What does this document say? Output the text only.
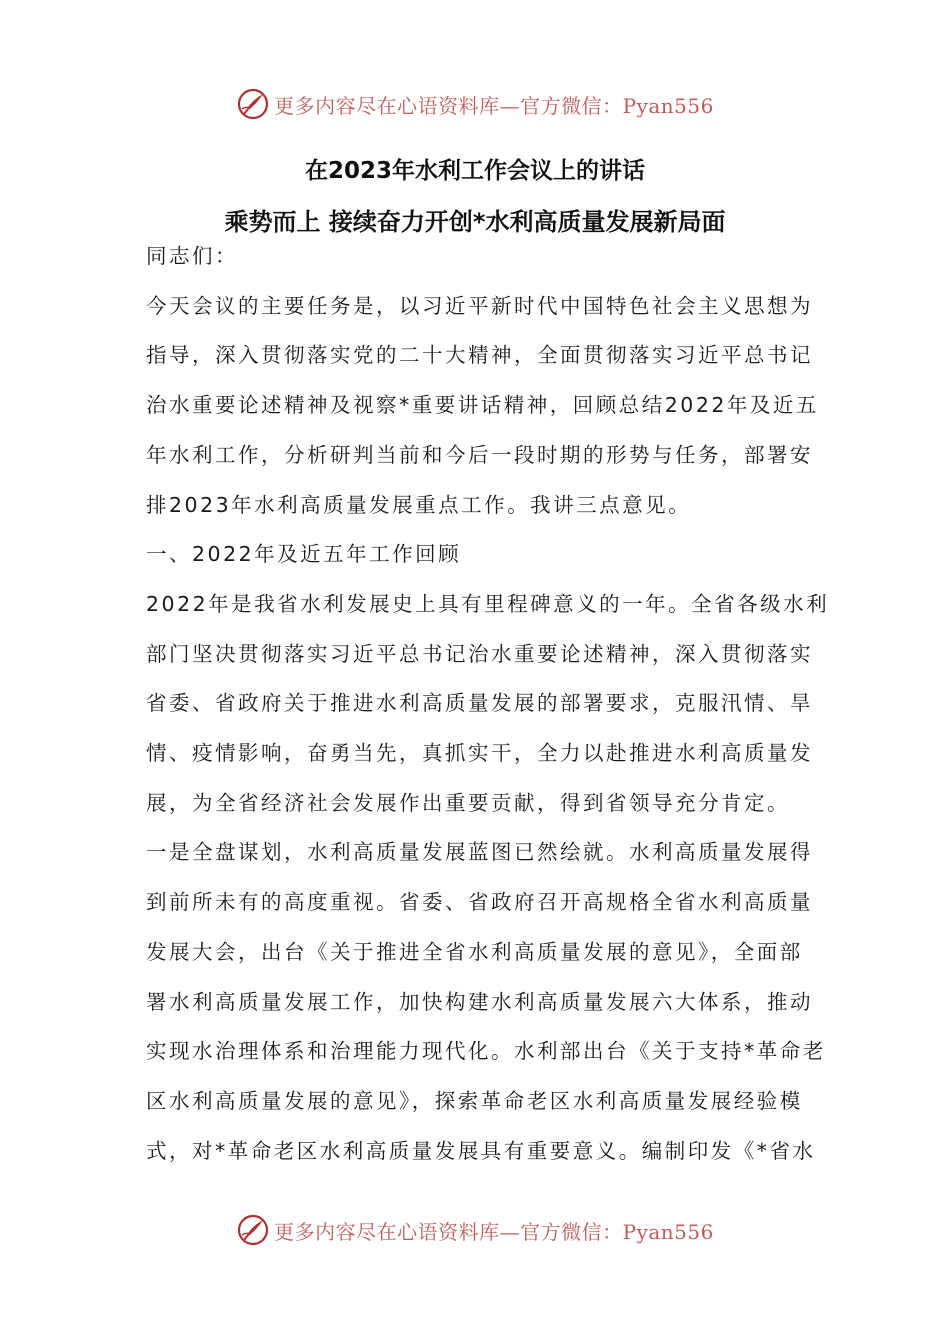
更多内容尽在心语资料库—官方微信：Pyan556
在2023年水利工作会议上的讲话
乘势而上 接续奋力开创*水利高质量发展新局面

同志们：

今天会议的主要任务是，以习近平新时代中国特色社会主义思想为
指导，深入贯彻落实党的二十大精神，全面贯彻落实习近平总书记
治水重要论述精神及视察*重要讲话精神，回顾总结2022年及近五
年水利工作，分析研判当前和今后一段时期的形势与任务，部署安
排2023年水利高质量发展重点工作。我讲三点意见。

一、2022年及近五年工作回顾

2022年是我省水利发展史上具有里程碑意义的一年。全省各级水利
部门坚决贯彻落实习近平总书记治水重要论述精神，深入贯彻落实
省委、省政府关于推进水利高质量发展的部署要求，克服汛情、旱
情、疫情影响，奋勇当先，真抓实干，全力以赴推进水利高质量发
展，为全省经济社会发展作出重要贡献，得到省领导充分肯定。

一是全盘谋划，水利高质量发展蓝图已然绘就。水利高质量发展得
到前所未有的高度重视。省委、省政府召开高规格全省水利高质量
发展大会，出台《关于推进全省水利高质量发展的意见》，全面部
署水利高质量发展工作，加快构建水利高质量发展六大体系，推动
实现水治理体系和治理能力现代化。水利部出台《关于支持*革命老
区水利高质量发展的意见》，探索革命老区水利高质量发展经验模
式，对*革命老区水利高质量发展具有重要意义。编制印发《*省水

更多内容尽在心语资料库—官方微信：Pyan556
